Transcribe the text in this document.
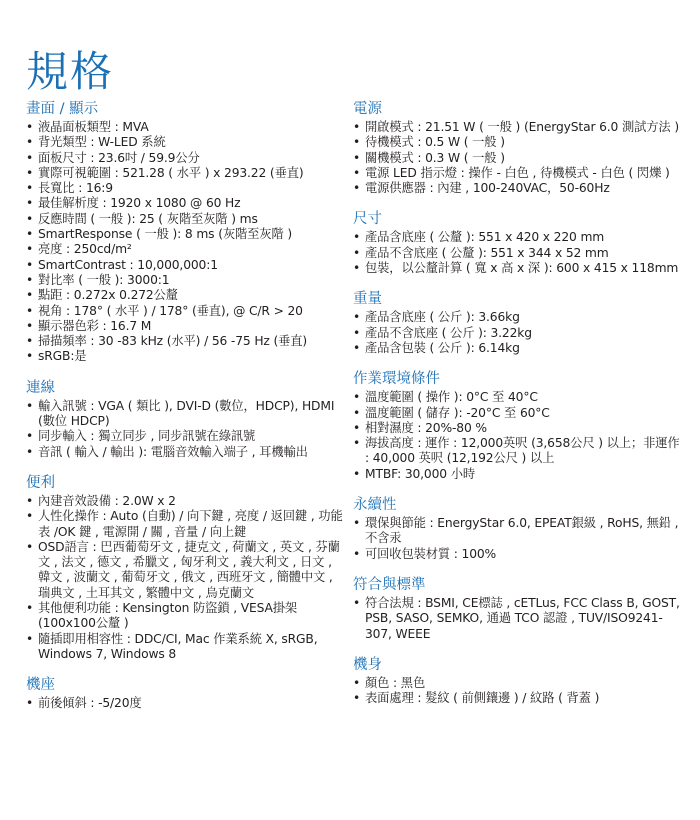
規格
畫面 / 顯示
• 液晶面板類型 : MVA
• 背光類型 : W-LED 系統
• 面板尺寸 : 23.6吋 / 59.9公分
• 實際可視範圍 : 521.28 ( 水平 ) x 293.22 (垂直)
• 長寬比 : 16:9
• 最佳解析度 : 1920 x 1080 @ 60 Hz
• 反應時間 ( 一般 ): 25 ( 灰階至灰階 ) ms
• SmartResponse ( 一般 ): 8 ms (灰階至灰階 )
• 亮度 : 250cd/m²
• SmartContrast : 10,000,000:1
• 對比率 ( 一般 ): 3000:1
• 點距 : 0.272x 0.272公釐
• 視角 : 178° ( 水平 ) / 178° (垂直), @ C/R > 20
• 顯示器色彩 : 16.7 M
• 掃描頻率 : 30 -83 kHz (水平) / 56 -75 Hz (垂直)
• sRGB:是
連線
• 輸入訊號 : VGA ( 類比 ), DVI-D (數位，HDCP), HDMI (數位 HDCP)
• 同步輸入 : 獨立同步 , 同步訊號在綠訊號
• 音訊 ( 輸入 / 輸出 ): 電腦音效輸入端子 , 耳機輸出
便利
• 內建音效設備 : 2.0W x 2
• 人性化操作 : Auto (自動) / 向下鍵 , 亮度 / 返回鍵 , 功能表 /OK 鍵 , 電源開 / 關 , 音量 / 向上鍵
• OSD語言 : 巴西葡萄牙文 , 捷克文 , 荷蘭文 , 英文 , 芬蘭文 , 法文 , 德文 , 希臘文 , 匈牙利文 , 義大利文 , 日文 , 韓文 , 波蘭文 , 葡萄牙文 , 俄文 , 西班牙文 , 簡體中文 , 瑞典文 , 土耳其文 , 繁體中文 , 烏克蘭文
• 其他便利功能 : Kensington 防盜鎖 , VESA掛架 (100x100公釐 )
• 隨插即用相容性 : DDC/CI, Mac 作業系統 X, sRGB, Windows 7, Windows 8
機座
• 前後傾斜 : -5/20度
電源
• 開啟模式 : 21.51 W ( 一般 ) (EnergyStar 6.0 測試方法 )
• 待機模式 : 0.5 W ( 一般 )
• 關機模式 : 0.3 W ( 一般 )
• 電源 LED 指示燈 : 操作 - 白色 , 待機模式 - 白色 ( 閃爍 )
• 電源供應器 : 內建 , 100-240VAC，50-60Hz
尺寸
• 產品含底座 ( 公釐 ): 551 x 420 x 220 mm
• 產品不含底座 ( 公釐 ): 551 x 344 x 52 mm
• 包裝，以公釐計算 ( 寬 x 高 x 深 ): 600 x 415 x 118mm
重量
• 產品含底座 ( 公斤 ): 3.66kg
• 產品不含底座 ( 公斤 ): 3.22kg
• 產品含包裝 ( 公斤 ): 6.14kg
作業環境條件
• 溫度範圍 ( 操作 ): 0°C 至 40°C
• 溫度範圍 ( 儲存 ): -20°C 至 60°C
• 相對濕度 : 20%-80 %
• 海拔高度 : 運作 : 12,000英呎 (3,658公尺 ) 以上；非運作 : 40,000 英呎 (12,192公尺 ) 以上
• MTBF: 30,000 小時
永續性
• 環保與節能 : EnergyStar 6.0, EPEAT銀級 , RoHS, 無鉛 , 不含汞
• 可回收包裝材質 : 100%
符合與標準
• 符合法規 : BSMI, CE標誌 , cETLus, FCC Class B, GOST, PSB, SASO, SEMKO, 通過 TCO 認證 , TUV/ISO9241-307, WEEE
機身
• 顏色 : 黑色
• 表面處理 : 髮紋 ( 前側鑲邊 ) / 紋路 ( 背蓋 )
